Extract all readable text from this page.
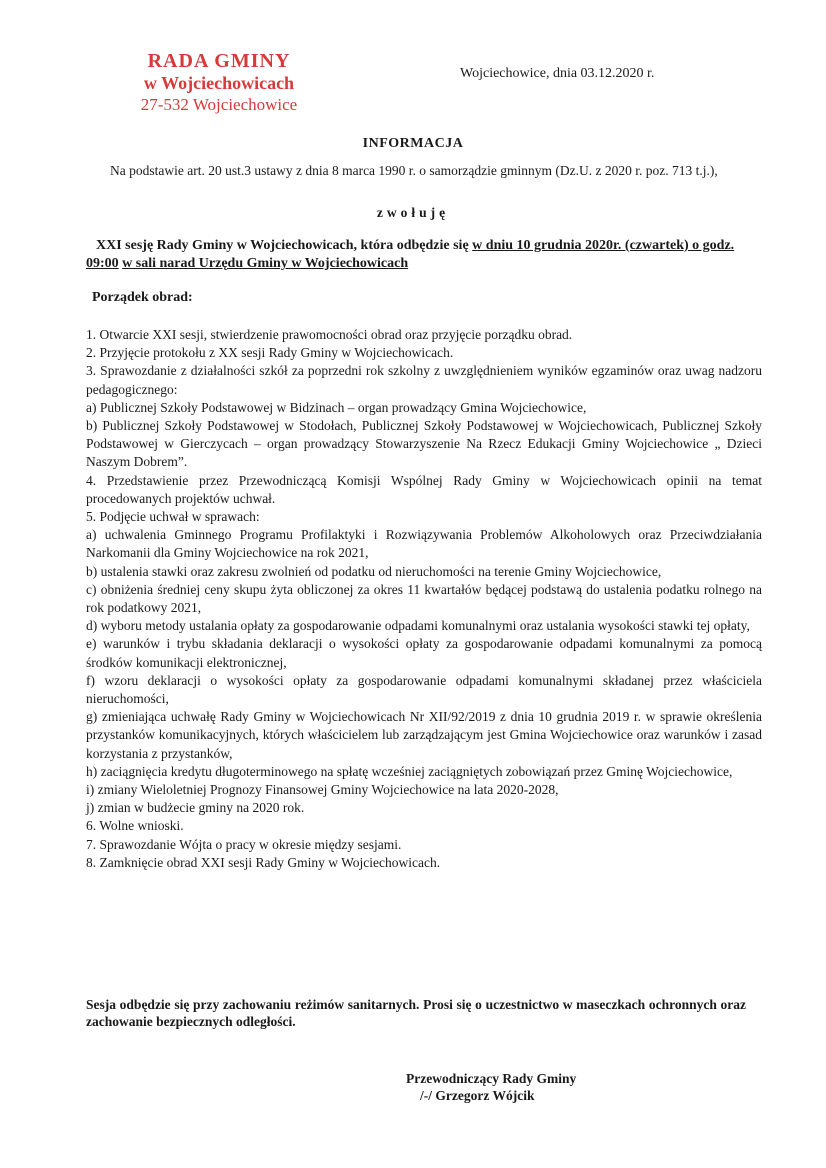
RADA GMINY
w Wojciechowicach
27-532 Wojciechowice
Wojciechowice, dnia 03.12.2020 r.
INFORMACJA
Na podstawie art. 20 ust.3 ustawy z dnia 8 marca 1990 r. o samorządzie gminnym (Dz.U. z 2020 r. poz. 713 t.j.),
zwołuję
XXI sesję Rady Gminy w Wojciechowicach, która odbędzie się w dniu 10 grudnia 2020r. (czwartek) o godz. 09:00 w sali narad Urzędu Gminy w Wojciechowicach
Porządek obrad:

1. Otwarcie XXI sesji, stwierdzenie prawomocności obrad oraz przyjęcie porządku obrad.

2. Przyjęcie protokołu z XX sesji Rady Gminy w Wojciechowicach.

3. Sprawozdanie z działalności szkół za poprzedni rok szkolny z uwzględnieniem wyników egzaminów oraz uwag nadzoru pedagogicznego:

a) Publicznej Szkoły Podstawowej w Bidzinach – organ prowadzący Gmina Wojciechowice,

b) Publicznej Szkoły Podstawowej w Stodołach, Publicznej Szkoły Podstawowej w Wojciechowicach, Publicznej Szkoły Podstawowej w Gierczycach – organ prowadzący Stowarzyszenie Na Rzecz Edukacji Gminy Wojciechowice „ Dzieci Naszym Dobrem”.

4. Przedstawienie przez Przewodniczącą Komisji Wspólnej Rady Gminy w Wojciechowicach opinii na temat procedowanych projektów uchwał.

5. Podjęcie uchwał w sprawach:

a) uchwalenia Gminnego Programu Profilaktyki i Rozwiązywania Problemów Alkoholowych oraz Przeciwdziałania Narkomanii dla Gminy Wojciechowice na rok 2021,

b) ustalenia stawki oraz zakresu zwolnień od podatku od nieruchomości na terenie Gminy Wojciechowice,

c) obniżenia średniej ceny skupu żyta obliczonej za okres 11 kwartałów będącej podstawą do ustalenia podatku rolnego na rok podatkowy 2021,

d) wyboru metody ustalania opłaty za gospodarowanie odpadami komunalnymi oraz ustalania wysokości stawki tej opłaty,

e) warunków i trybu składania deklaracji o wysokości opłaty za gospodarowanie odpadami komunalnymi za pomocą środków komunikacji elektronicznej,

f) wzoru deklaracji o wysokości opłaty za gospodarowanie odpadami komunalnymi składanej przez właściciela nieruchomości,

g) zmieniająca uchwałę Rady Gminy w Wojciechowicach Nr XII/92/2019 z dnia 10 grudnia 2019 r. w sprawie określenia przystanków komunikacyjnych, których właścicielem lub zarządzającym jest Gmina Wojciechowice oraz warunków i zasad korzystania z przystanków,

h) zaciągnięcia kredytu długoterminowego na spłatę wcześniej zaciągniętych zobowiązań przez Gminę Wojciechowice,

i) zmiany Wieloletniej Prognozy Finansowej Gminy Wojciechowice na lata 2020-2028,

j) zmian w budżecie gminy na 2020 rok.

6. Wolne wnioski.

7. Sprawozdanie Wójta o pracy w okresie między sesjami.

8. Zamknięcie obrad XXI sesji Rady Gminy w Wojciechowicach.

Sesja odbędzie się przy zachowaniu reżimów sanitarnych. Prosi się o uczestnictwo w maseczkach ochronnych oraz zachowanie bezpiecznych odległości.
Przewodniczący Rady Gminy
/-/ Grzegorz Wójcik
